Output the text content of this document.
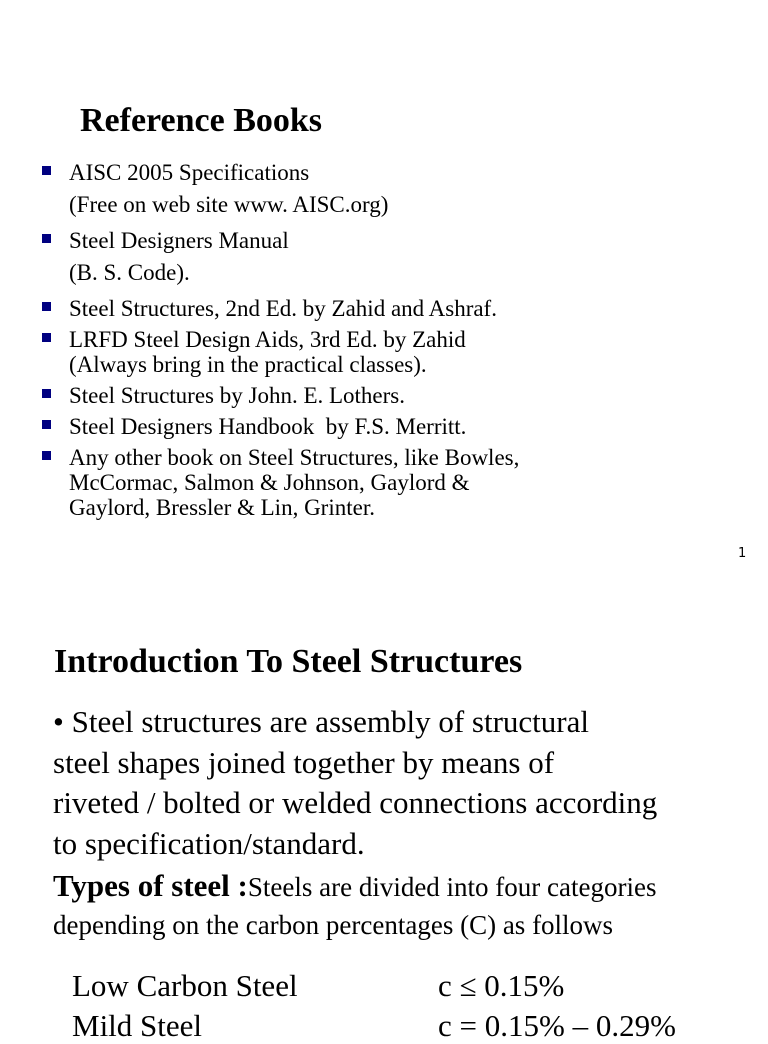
Reference Books

AISC 2005 Specifications

(Free on web site www. AISC.org)

Steel Designers Manual

(B. S. Code).

Steel Structures, 2nd Ed. by Zahid and Ashraf.

LRFD Steel Design Aids, 3rd Ed. by Zahid

(Always bring in the practical classes).

Steel Structures by John. E. Lothers.

Steel Designers Handbook  by F.S. Merritt.

Any other book on Steel Structures, like Bowles,

McCormac, Salmon & Johnson, Gaylord &

Gaylord, Bressler & Lin, Grinter.

1
Introduction To Steel Structures

• Steel structures are assembly of structural

steel shapes joined together by means of

riveted / bolted or welded connections according

to specification/standard.

Types of steel :Steels are divided into four categories
depending on the carbon percentages (C) as follows
Low Carbon Steel	c ≤ 0.15%
Mild Steel	c = 0.15% – 0.29%
